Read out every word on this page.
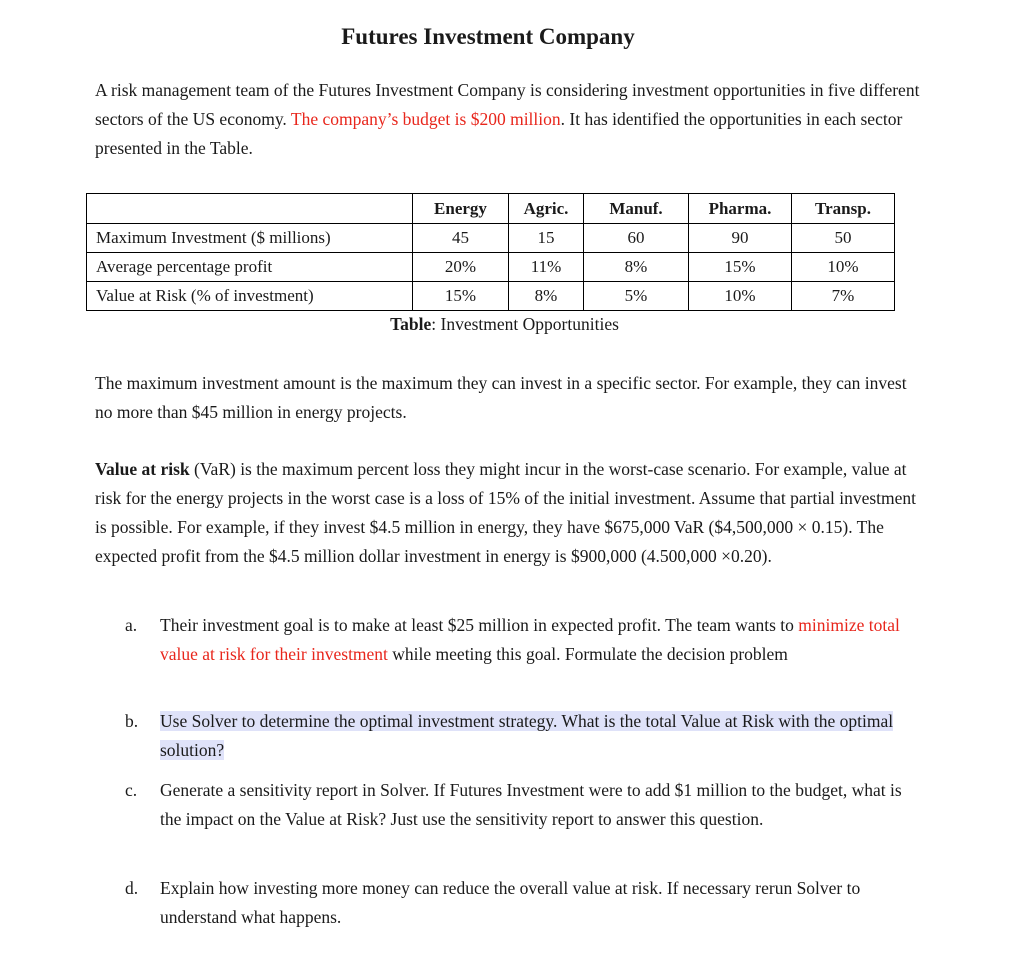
Futures Investment Company
A risk management team of the Futures Investment Company is considering investment opportunities in five different sectors of the US economy. The company’s budget is $200 million. It has identified the opportunities in each sector presented in the Table.
	Energy	Agric.	Manuf.	Pharma.	Transp.
Maximum Investment ($ millions)	45	15	60	90	50
Average percentage profit	20%	11%	8%	15%	10%
Value at Risk (% of investment)	15%	8%	5%	10%	7%
Table: Investment Opportunities
The maximum investment amount is the maximum they can invest in a specific sector. For example, they can invest no more than $45 million in energy projects.
Value at risk (VaR) is the maximum percent loss they might incur in the worst-case scenario. For example, value at risk for the energy projects in the worst case is a loss of 15% of the initial investment. Assume that partial investment is possible. For example, if they invest $4.5 million in energy, they have $675,000 VaR ($4,500,000 × 0.15). The expected profit from the $4.5 million dollar investment in energy is $900,000 (4.500,000 ×0.20).
a. Their investment goal is to make at least $25 million in expected profit. The team wants to minimize total value at risk for their investment while meeting this goal. Formulate the decision problem
b. Use Solver to determine the optimal investment strategy. What is the total Value at Risk with the optimal solution?
c. Generate a sensitivity report in Solver. If Futures Investment were to add $1 million to the budget, what is the impact on the Value at Risk? Just use the sensitivity report to answer this question.
d. Explain how investing more money can reduce the overall value at risk. If necessary rerun Solver to understand what happens.
